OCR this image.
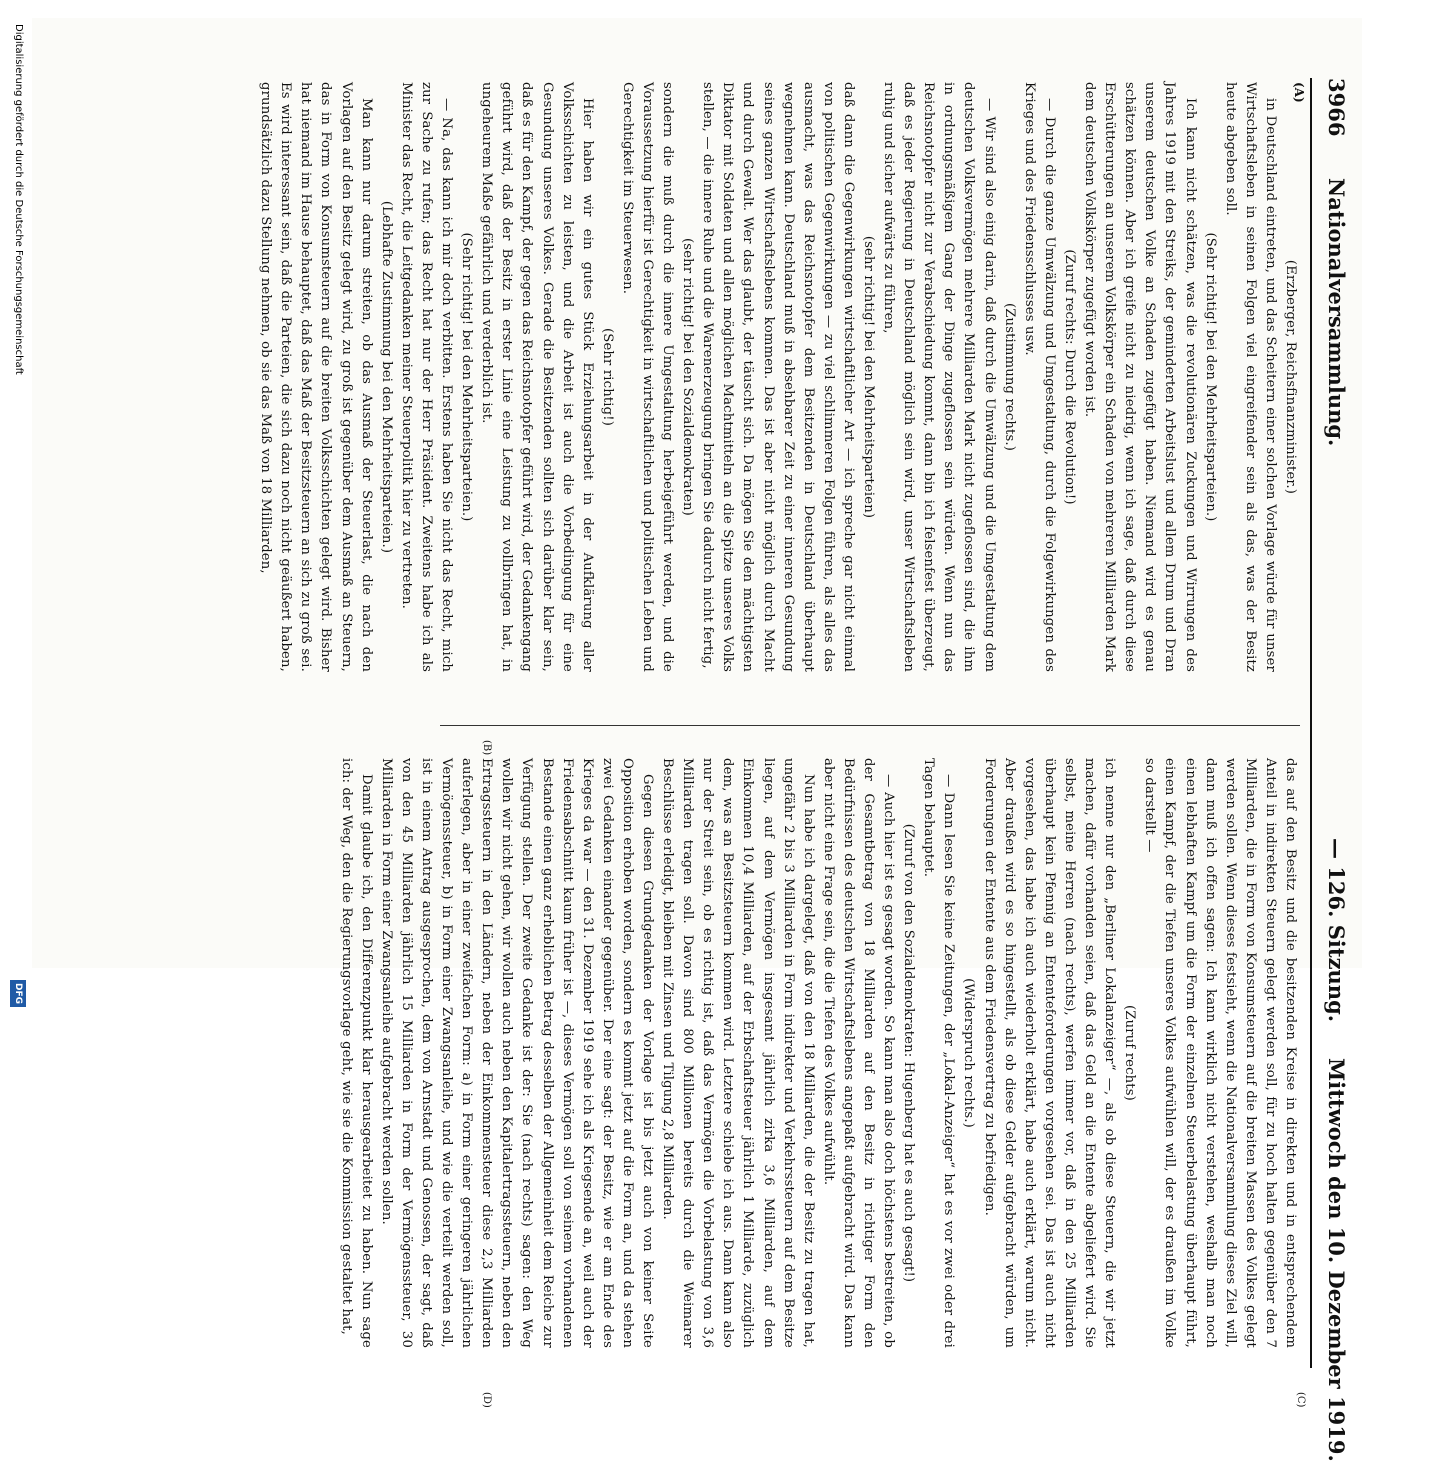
3966
Nationalversammlung.
— 126. Sitzung.
Mittwoch den 10. Dezember 1919.
(A)
(B)
(C)
(D)

(Erzberger, Reichsfinanzminister.)

in Deutschland eintreten, und das Scheitern einer solchen Vorlage würde für unser Wirtschaftsleben in seinen Folgen viel eingreifender sein als das, was der Besitz heute abgeben soll.

(Sehr richtig! bei den Mehrheitsparteien.)

Ich kann nicht schätzen, was die revolutionären Zuckungen und Wirrungen des Jahres 1919 mit den Streiks, der geminderten Arbeitslust und allem Drum und Dran unserem deutschen Volke an Schaden zugefügt haben. Niemand wird es genau schätzen können. Aber ich greife nicht zu niedrig, wenn ich sage, daß durch diese Erschütterungen an unserem Volkskörper ein Schaden von mehreren Milliarden Mark dem deutschen Volkskörper zugefügt worden ist.

(Zuruf rechts: Durch die Revolution!)

— Durch die ganze Umwälzung und Umgestaltung, durch die Folgewirkungen des Krieges und des Friedensschlusses usw.

(Zustimmung rechts.)

— Wir sind also einig darin, daß durch die Umwälzung und die Umgestaltung dem deutschen Volksvermögen mehrere Milliarden Mark nicht zugeflossen sind, die ihm in ordnungsmäßigem Gang der Dinge zugeflossen sein würden. Wenn nun das Reichsnotopfer nicht zur Verabschiedung kommt, dann bin ich felsenfest überzeugt, daß es jeder Regierung in Deutschland möglich sein wird, unser Wirtschaftsleben ruhig und sicher aufwärts zu führen,

(sehr richtig! bei den Mehrheitsparteien)

daß dann die Gegenwirkungen wirtschaftlicher Art — ich spreche gar nicht einmal von politischen Gegenwirkungen — zu viel schlimmeren Folgen führen, als alles das ausmacht, was das Reichsnotopfer dem Besitzenden in Deutschland überhaupt wegnehmen kann. Deutschland muß in absehbarer Zeit zu einer inneren Gesundung seines ganzen Wirtschaftslebens kommen. Das ist aber nicht möglich durch Macht und durch Gewalt. Wer das glaubt, der täuscht sich. Da mögen Sie den mächtigsten Diktator mit Soldaten und allen möglichen Machtmitteln an die Spitze unseres Volks stellen, — die innere Ruhe und die Warenerzeugung bringen Sie dadurch nicht fertig,

(sehr richtig! bei den Sozialdemokraten)

sondern die muß durch die innere Umgestaltung herbeigeführt werden, und die Voraussetzung hierfür ist Gerechtigkeit in wirtschaftlichen und politischen Leben und Gerechtigkeit im Steuerwesen.

(Sehr richtig!)

Hier haben wir ein gutes Stück Erziehungsarbeit in der Aufklärung aller Volksschichten zu leisten, und die Arbeit ist auch die Vorbedingung für eine Gesundung unseres Volkes. Gerade die Besitzenden sollten sich darüber klar sein, daß es für den Kampf, der gegen das Reichsnotopfer geführt wird, der Gedankengang geführt wird, daß der Besitz in erster Linie eine Leistung zu vollbringen hat, in ungeheurem Maße gefährlich und verderblich ist.

(Sehr richtig! bei den Mehrheitsparteien.)

— Na, das kann ich mir doch verbitten. Erstens haben Sie nicht das Recht, mich zur Sache zu rufen; das Recht hat nur der Herr Präsident. Zweitens habe ich als Minister das Recht, die Leitgedanken meiner Steuerpolitik hier zu vertreten.

(Lebhafte Zustimmung bei den Mehrheitsparteien.)

Man kann nur darum streiten, ob das Ausmaß der Steuerlast, die nach den Vorlagen auf den Besitz gelegt wird, zu groß ist gegenüber dem Ausmaß an Steuern, das in Form von Konsumsteuern auf die breiten Volksschichten gelegt wird. Bisher hat niemand im Hause behauptet, daß das Maß der Besitzsteuern an sich zu groß sei. Es wird interessant sein, daß die Parteien, die sich dazu noch nicht geäußert haben, grundsätzlich dazu Stellung nehmen, ob sie das Maß von 18 Milliarden,

das auf den Besitz und die besitzenden Kreise in direkten und in entsprechendem Anteil in indirekten Steuern gelegt werden soll, für zu hoch halten gegenüber den 7 Milliarden, die in Form von Konsumsteuern auf die breiten Massen des Volkes gelegt werden sollen. Wenn dieses festsieht, wenn die Nationalversammlung dieses Ziel will, dann muß ich offen sagen: Ich kann wirklich nicht verstehen, weshalb man noch einen lebhaften Kampf um die Form der einzelnen Steuerbelastung überhaupt führt, einen Kampf, der die Tiefen unseres Volkes aufwühlen will, der es draußen im Volke so darstellt —

(Zuruf rechts)

ich nenne nur den „Berliner Lokalanzeiger“ —, als ob diese Steuern, die wir jetzt machen, dafür vorhanden seien, daß das Geld an die Entente abgeliefert wird. Sie selbst, meine Herren (nach rechts), werfen immer vor, daß in den 25 Milliarden überhaupt kein Pfennig an Ententeforderungen vorgesehen sei. Das ist auch nicht vorgesehen, das habe ich auch wiederholt erklärt, habe auch erklärt, warum nicht. Aber draußen wird es so hingestellt, als ob diese Gelder aufgebracht würden, um Forderungen der Entente aus dem Friedensvertrag zu befriedigen.

(Widerspruch rechts.)

— Dann lesen Sie keine Zeitungen, der „Lokal-Anzeiger“ hat es vor zwei oder drei Tagen behauptet.

(Zuruf von den Sozialdemokraten: Hugenberg hat es auch gesagt!)

— Auch hier ist es gesagt worden. So kann man also doch höchstens bestreiten, ob der Gesamtbetrag von 18 Milliarden auf den Besitz in richtiger Form den Bedürfnissen des deutschen Wirtschaftslebens angepaßt aufgebracht wird. Das kann aber nicht eine Frage sein, die die Tiefen des Volkes aufwühlt.

Nun habe ich dargelegt, daß von den 18 Milliarden, die der Besitz zu tragen hat, ungefähr 2 bis 3 Milliarden in Form indirekter und Verkehrssteuern auf dem Besitze liegen, auf dem Vermögen insgesamt jährlich zirka 3,6 Milliarden, auf dem Einkommen 10,4 Milliarden, auf der Erbschaftsteuer jährlich 1 Milliarde, zuzüglich dem, was an Besitzsteuern kommen wird. Letztere schiebe ich aus. Dann kann also nur der Streit sein, ob es richtig ist, daß das Vermögen die Vorbelastung von 3,6 Milliarden tragen soll. Davon sind 800 Millionen bereits durch die Weimarer Beschlüsse erledigt, bleiben mit Zinsen und Tilgung 2,8 Milliarden.

Gegen diesen Grundgedanken der Vorlage ist bis jetzt auch von keiner Seite Opposition erhoben worden, sondern es kommt jetzt auf die Form an, und da stehen zwei Gedanken einander gegenüber. Der eine sagt: der Besitz, wie er am Ende des Krieges da war — den 31. Dezember 1919 sehe ich als Kriegsende an, weil auch der Friedensabschnitt kaum früher ist —, dieses Vermögen soll von seinem vorhandenen Bestande einen ganz erheblichen Betrag desselben der Allgemeinheit dem Reiche zur Verfügung stellen. Der zweite Gedanke ist der: Sie (nach rechts) sagen: den Weg wollen wir nicht gehen, wir wollen auch neben den Kapitalertragssteuern, neben den Ertragssteuern in den Ländern, neben der Einkommensteuer diese 2,3 Milliarden auferlegen, aber in einer zweifachen Form: a) in Form einer geringeren jährlichen Vermögenssteuer, b) in Form einer Zwangsanleihe, und wie die verteilt werden soll, ist in einem Antrag ausgesprochen, dem von Arnstadt und Genossen, der sagt, daß von den 45 Milliarden jährlich 15 Milliarden in Form der Vermögenssteuer, 30 Milliarden in Form einer Zwangsanleihe aufgebracht werden sollen.

Damit glaube ich, den Differenzpunkt klar herausgearbeitet zu haben. Nun sage ich: der Weg, den die Regierungsvorlage geht, wie sie die Kommission gestaltet hat,

Digitalisierung gefördert durch die Deutsche Forschungsgemeinschaft
DFG
